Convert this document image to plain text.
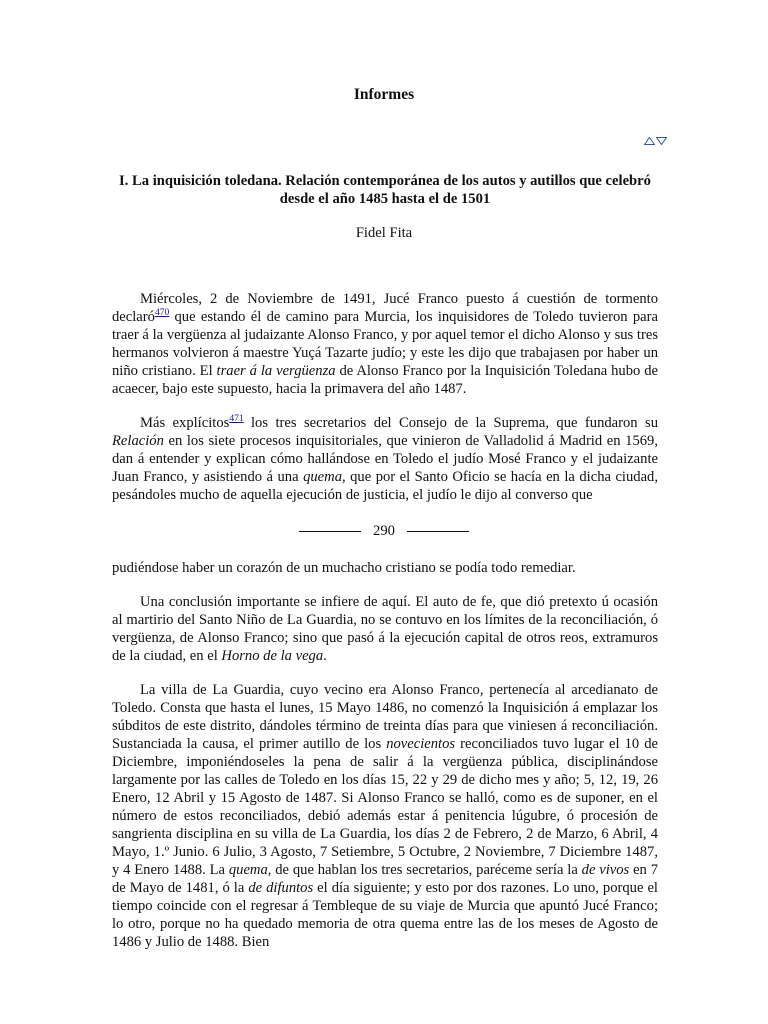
Informes
I. La inquisición toledana. Relación contemporánea de los autos y autillos que celebró desde el año 1485 hasta el de 1501
Fidel Fita

Miércoles, 2 de Noviembre de 1491, Jucé Franco puesto á cuestión de tormento declaró$^{470}$ que estando él de camino para Murcia, los inquisidores de Toledo tuvieron para traer á la vergüenza al judaizante Alonso Franco, y por aquel temor el dicho Alonso y sus tres hermanos volvieron á maestre Yuçá Tazarte judío; y este les dijo que trabajasen por haber un niño cristiano. El traer á la vergüenza de Alonso Franco por la Inquisición Toledana hubo de acaecer, bajo este supuesto, hacia la primavera del año 1487.

Más explícitos$^{471}$ los tres secretarios del Consejo de la Suprema, que fundaron su Relación en los siete procesos inquisitoriales, que vinieron de Valladolid á Madrid en 1569, dan á entender y explican cómo hallándose en Toledo el judío Mosé Franco y el judaizante Juan Franco, y asistiendo á una quema, que por el Santo Oficio se hacía en la dicha ciudad, pesándoles mucho de aquella ejecución de justicia, el judío le dijo al converso que

290

pudiéndose haber un corazón de un muchacho cristiano se podía todo remediar.

Una conclusión importante se infiere de aquí. El auto de fe, que dió pretexto ú ocasión al martirio del Santo Niño de La Guardia, no se contuvo en los límites de la reconciliación, ó vergüenza, de Alonso Franco; sino que pasó á la ejecución capital de otros reos, extramuros de la ciudad, en el Horno de la vega.

La villa de La Guardia, cuyo vecino era Alonso Franco, pertenecía al arcedianato de Toledo. Consta que hasta el lunes, 15 Mayo 1486, no comenzó la Inquisición á emplazar los súbditos de este distrito, dándoles término de treinta días para que viniesen á reconciliación. Sustanciada la causa, el primer autillo de los novecientos reconciliados tuvo lugar el 10 de Diciembre, imponiéndoseles la pena de salir á la vergüenza pública, disciplinándose largamente por las calles de Toledo en los días 15, 22 y 29 de dicho mes y año; 5, 12, 19, 26 Enero, 12 Abril y 15 Agosto de 1487. Si Alonso Franco se halló, como es de suponer, en el número de estos reconciliados, debió además estar á penitencia lúgubre, ó procesión de sangrienta disciplina en su villa de La Guardia, los días 2 de Febrero, 2 de Marzo, 6 Abril, 4 Mayo, 1.º Junio. 6 Julio, 3 Agosto, 7 Setiembre, 5 Octubre, 2 Noviembre, 7 Diciembre 1487, y 4 Enero 1488. La quema, de que hablan los tres secretarios, paréceme sería la de vivos en 7 de Mayo de 1481, ó la de difuntos el día siguiente; y esto por dos razones. Lo uno, porque el tiempo coincide con el regresar á Tembleque de su viaje de Murcia que apuntó Jucé Franco; lo otro, porque no ha quedado memoria de otra quema entre las de los meses de Agosto de 1486 y Julio de 1488. Bien
